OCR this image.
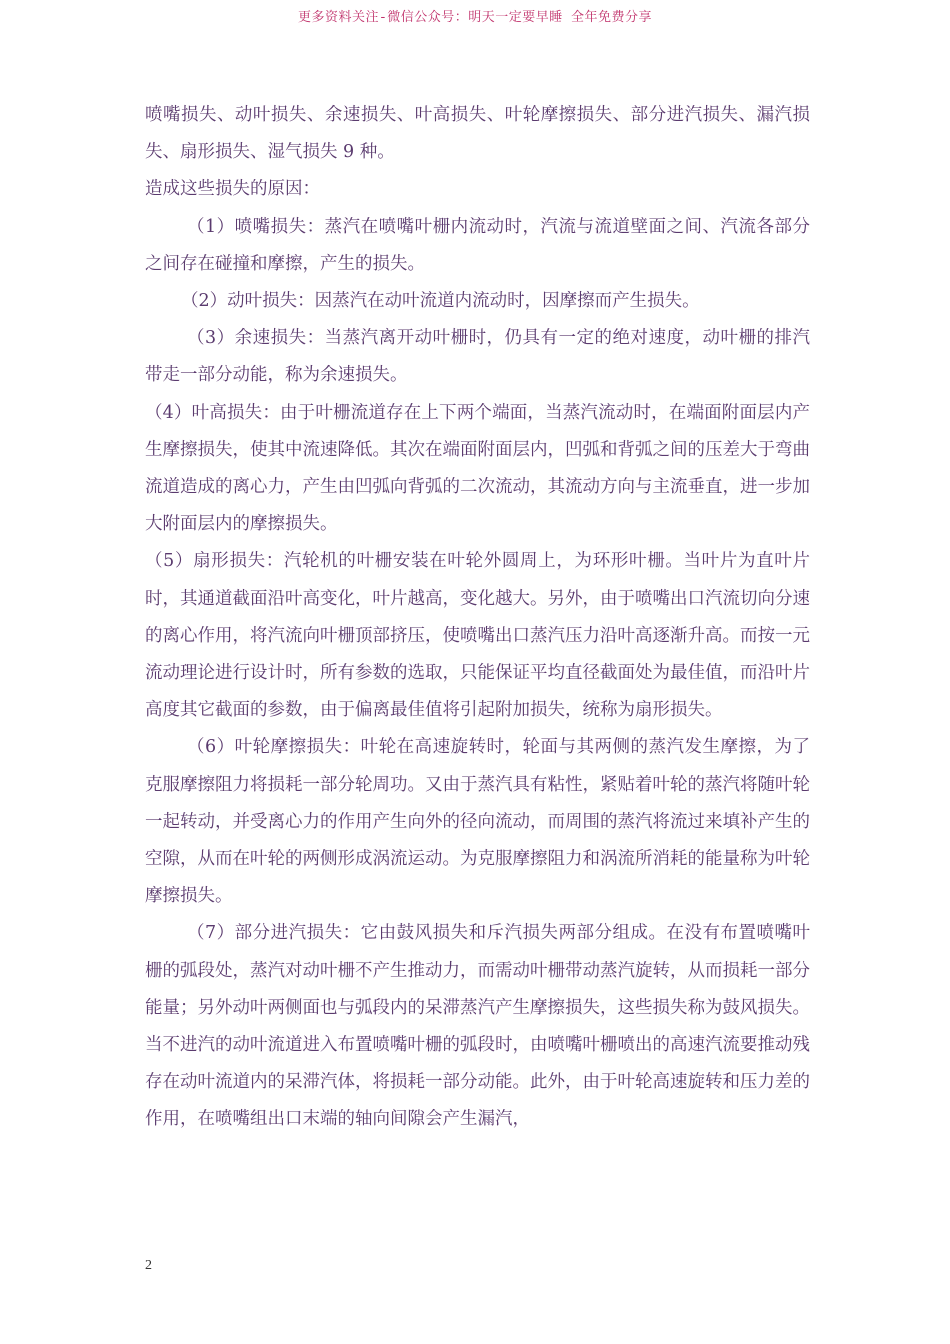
更多资料关注-微信公众号：明天一定要早睡 全年免费分享

喷嘴损失、动叶损失、余速损失、叶高损失、叶轮摩擦损失、部分进汽损失、漏汽损失、扇形损失、湿气损失 9 种。

造成这些损失的原因：

（1）喷嘴损失：蒸汽在喷嘴叶栅内流动时，汽流与流道壁面之间、汽流各部分之间存在碰撞和摩擦，产生的损失。

（2）动叶损失：因蒸汽在动叶流道内流动时，因摩擦而产生损失。

（3）余速损失：当蒸汽离开动叶栅时，仍具有一定的绝对速度，动叶栅的排汽带走一部分动能，称为余速损失。

（4）叶高损失：由于叶栅流道存在上下两个端面，当蒸汽流动时，在端面附面层内产生摩擦损失，使其中流速降低。其次在端面附面层内，凹弧和背弧之间的压差大于弯曲流道造成的离心力，产生由凹弧向背弧的二次流动，其流动方向与主流垂直，进一步加大附面层内的摩擦损失。

（5）扇形损失：汽轮机的叶栅安装在叶轮外圆周上，为环形叶栅。当叶片为直叶片时，其通道截面沿叶高变化，叶片越高，变化越大。另外，由于喷嘴出口汽流切向分速的离心作用，将汽流向叶栅顶部挤压，使喷嘴出口蒸汽压力沿叶高逐渐升高。而按一元流动理论进行设计时，所有参数的选取，只能保证平均直径截面处为最佳值，而沿叶片高度其它截面的参数，由于偏离最佳值将引起附加损失，统称为扇形损失。

（6）叶轮摩擦损失：叶轮在高速旋转时，轮面与其两侧的蒸汽发生摩擦，为了克服摩擦阻力将损耗一部分轮周功。又由于蒸汽具有粘性，紧贴着叶轮的蒸汽将随叶轮一起转动，并受离心力的作用产生向外的径向流动，而周围的蒸汽将流过来填补产生的空隙，从而在叶轮的两侧形成涡流运动。为克服摩擦阻力和涡流所消耗的能量称为叶轮摩擦损失。

（7）部分进汽损失：它由鼓风损失和斥汽损失两部分组成。在没有布置喷嘴叶栅的弧段处，蒸汽对动叶栅不产生推动力，而需动叶栅带动蒸汽旋转，从而损耗一部分能量；另外动叶两侧面也与弧段内的呆滞蒸汽产生摩擦损失，这些损失称为鼓风损失。当不进汽的动叶流道进入布置喷嘴叶栅的弧段时，由喷嘴叶栅喷出的高速汽流要推动残存在动叶流道内的呆滞汽体，将损耗一部分动能。此外，由于叶轮高速旋转和压力差的作用，在喷嘴组出口末端的轴向间隙会产生漏汽，

2
